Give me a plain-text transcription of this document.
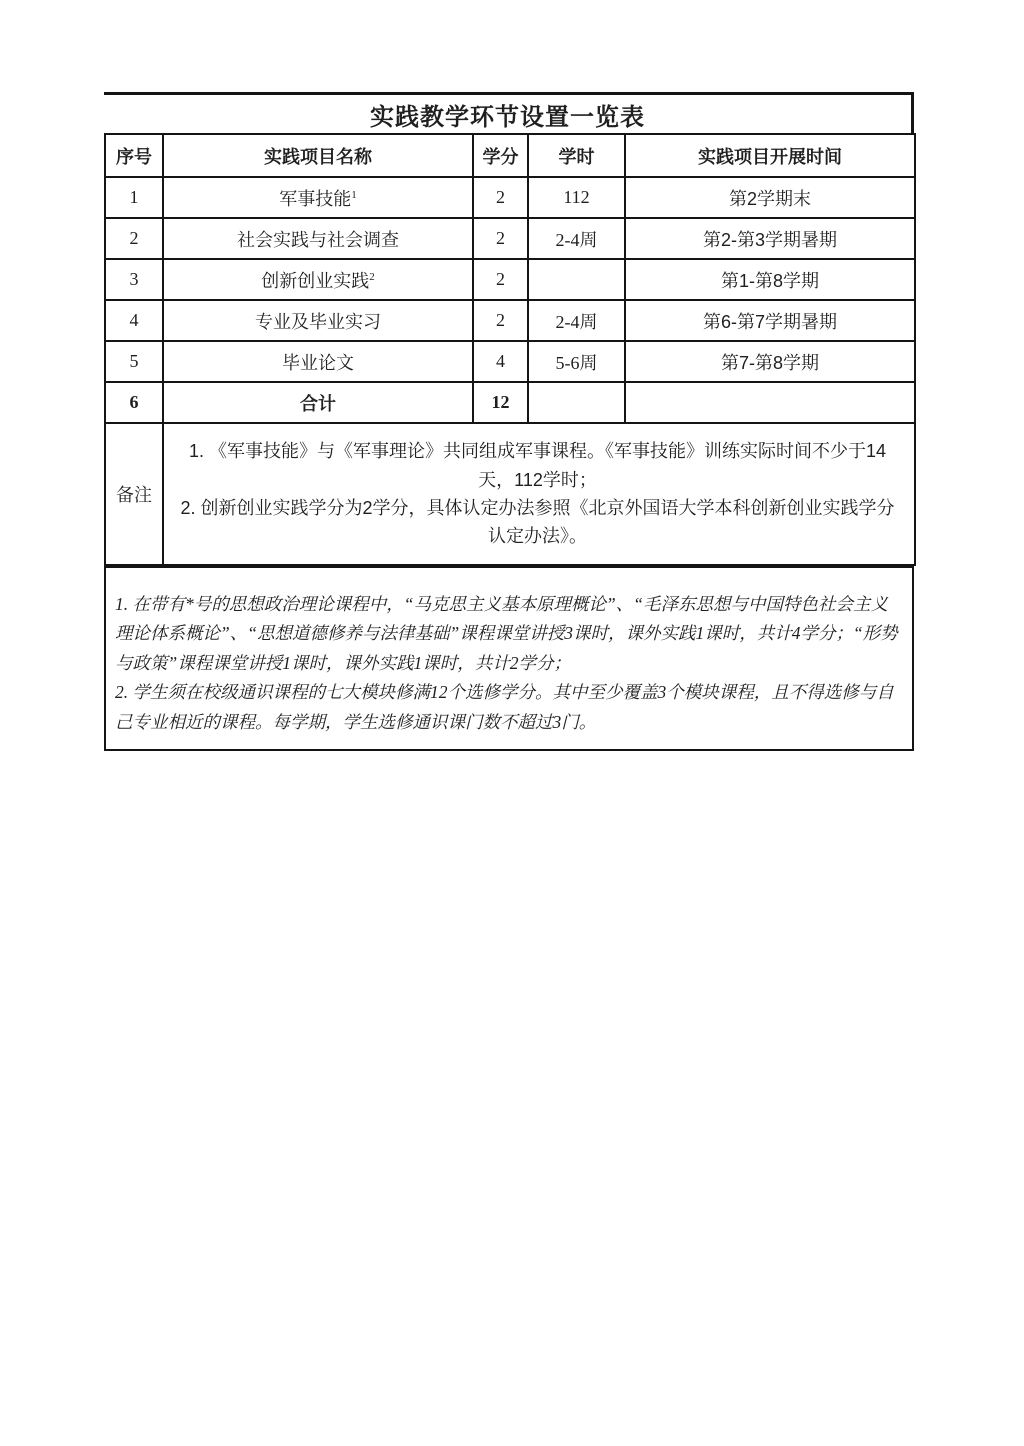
实践教学环节设置一览表
序号	实践项目名称	学分	学时	实践项目开展时间
1	军事技能$^1$	2	112	第2学期末
2	社会实践与社会调查	2	2-4周	第2-第3学期暑期
3	创新创业实践$^2$	2		第1-第8学期
4	专业及毕业实习	2	2-4周	第6-第7学期暑期
5	毕业论文	4	5-6周	第7-第8学期
6	合计	12		
备注	1. 《军事技能》与《军事理论》共同组成军事课程。《军事技能》训练实际时间不少于14天，112学时；

2. 创新创业实践学分为2学分，具体认定办法参照《北京外国语大学本科创新创业实践学分认定办法》。			

1. 在带有*号的思想政治理论课程中，“马克思主义基本原理概论”、“毛泽东思想与中国特色社会主义理论体系概论”、“思想道德修养与法律基础”课程课堂讲授3课时，课外实践1课时，共计4学分；“形势与政策”课程课堂讲授1课时，课外实践1课时，共计2学分；

2. 学生须在校级通识课程的七大模块修满12个选修学分。其中至少覆盖3个模块课程，且不得选修与自己专业相近的课程。每学期，学生选修通识课门数不超过3门。
